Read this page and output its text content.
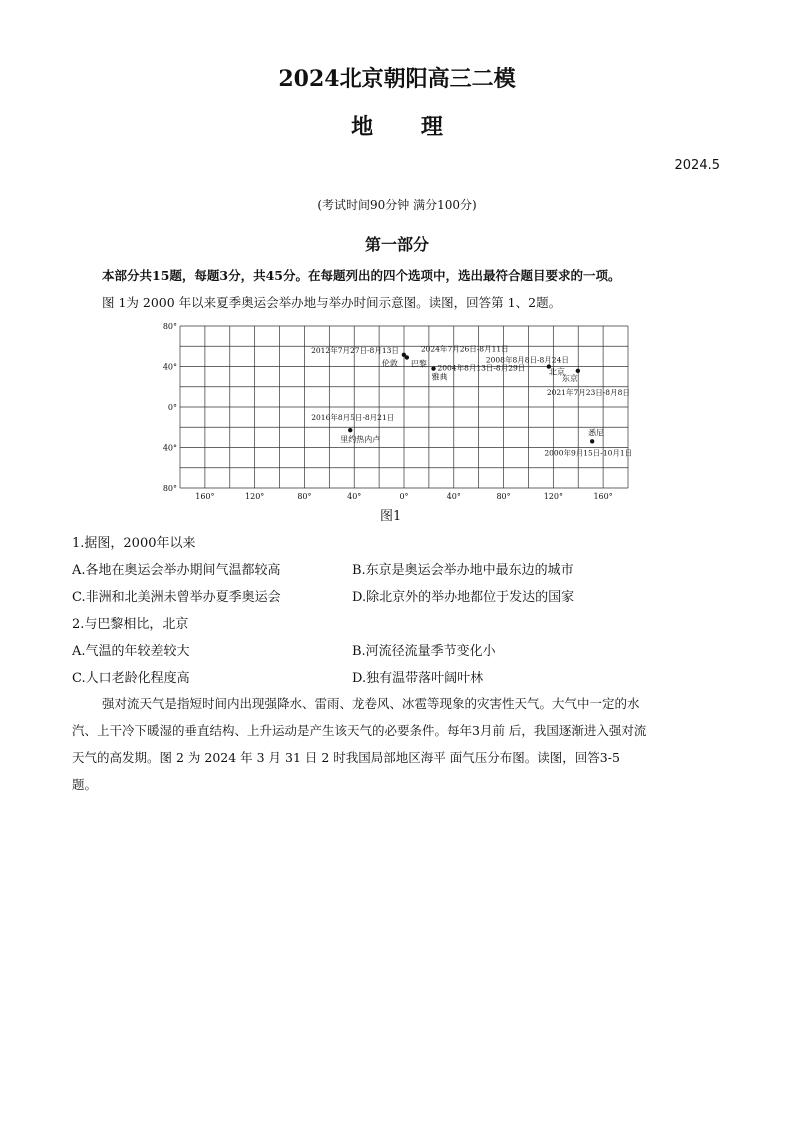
2024北京朝阳高三二模
地 理
2024.5
(考试时间90分钟 满分100分)
第一部分
本部分共15题，每题3分，共45分。在每题列出的四个选项中，选出最符合题目要求的一项。
图 1为 2000 年以来夏季奥运会举办地与举办时间示意图。读图，回答第 1、2题。
80°
40°
0°
40°
80°
160°	120°	80°	40°	0°	40°	80°	120°	160°
伦敦
2012年7月27日-8月13日
巴黎
2024年7月26日-8月11日
雅典
2004年8月13日-8月29日	北京
2008年8月8日-8月24日
东京
2021年7月23日-8月8日
里约热内卢
2016年8月5日-8月21日
悉尼
2000年9月15日-10月1日
图1
1.据图，2000年以来
A.各地在奥运会举办期间气温都较高	B.东京是奥运会举办地中最东边的城市
C.非洲和北美洲未曾举办夏季奥运会	D.除北京外的举办地都位于发达的国家
2.与巴黎相比，北京
A.气温的年较差较大	B.河流径流量季节变化小
C.人口老龄化程度高	D.独有温带落叶阔叶林
强对流天气是指短时间内出现强降水、雷雨、龙卷风、冰雹等现象的灾害性天气。大气中一定的水
汽、上干冷下暖湿的垂直结构、上升运动是产生该天气的必要条件。每年3月前 后，我国逐渐进入强对流
天气的高发期。图 2 为 2024 年 3 月 31 日 2 时我国局部地区海平 面气压分布图。读图，回答3-5
题。
